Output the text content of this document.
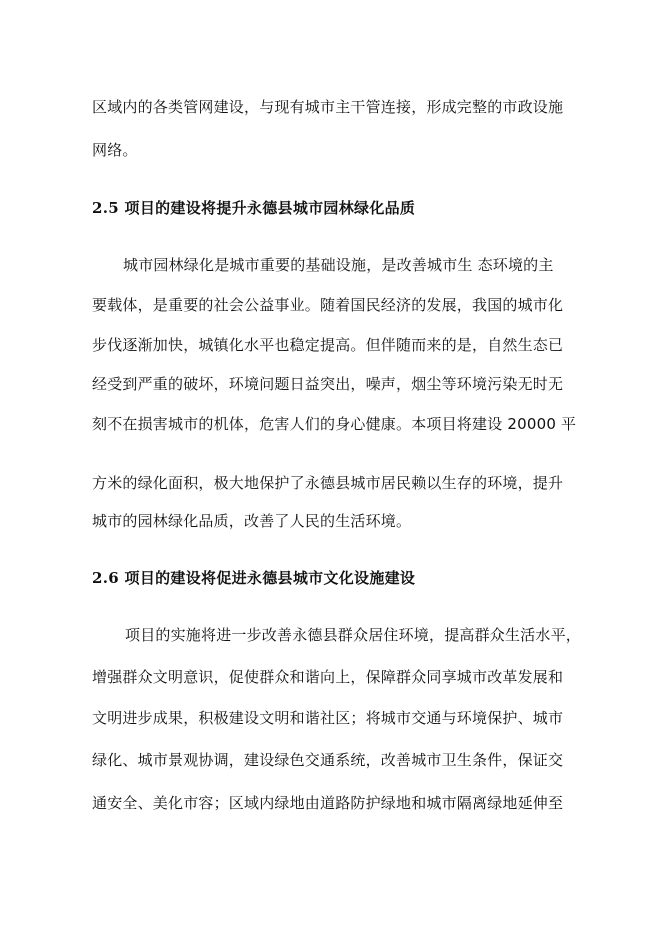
区域内的各类管网建设，与现有城市主干管连接，形成完整的市政设施
网络。
2.5 项目的建设将提升永德县城市园林绿化品质
城市园林绿化是城市重要的基础设施，是改善城市生 态环境的主
要载体，是重要的社会公益事业。随着国民经济的发展，我国的城市化
步伐逐渐加快，城镇化水平也稳定提高。但伴随而来的是，自然生态已
经受到严重的破坏，环境问题日益突出，噪声，烟尘等环境污染无时无
刻不在损害城市的机体，危害人们的身心健康。本项目将建设 20000 平
方米的绿化面积，极大地保护了永德县城市居民赖以生存的环境，提升
城市的园林绿化品质，改善了人民的生活环境。
2.6 项目的建设将促进永德县城市文化设施建设
项目的实施将进一步改善永德县群众居住环境，提高群众生活水平，
增强群众文明意识，促使群众和谐向上，保障群众同享城市改革发展和
文明进步成果，积极建设文明和谐社区；将城市交通与环境保护、城市
绿化、城市景观协调，建设绿色交通系统，改善城市卫生条件，保证交
通安全、美化市容；区域内绿地由道路防护绿地和城市隔离绿地延伸至
